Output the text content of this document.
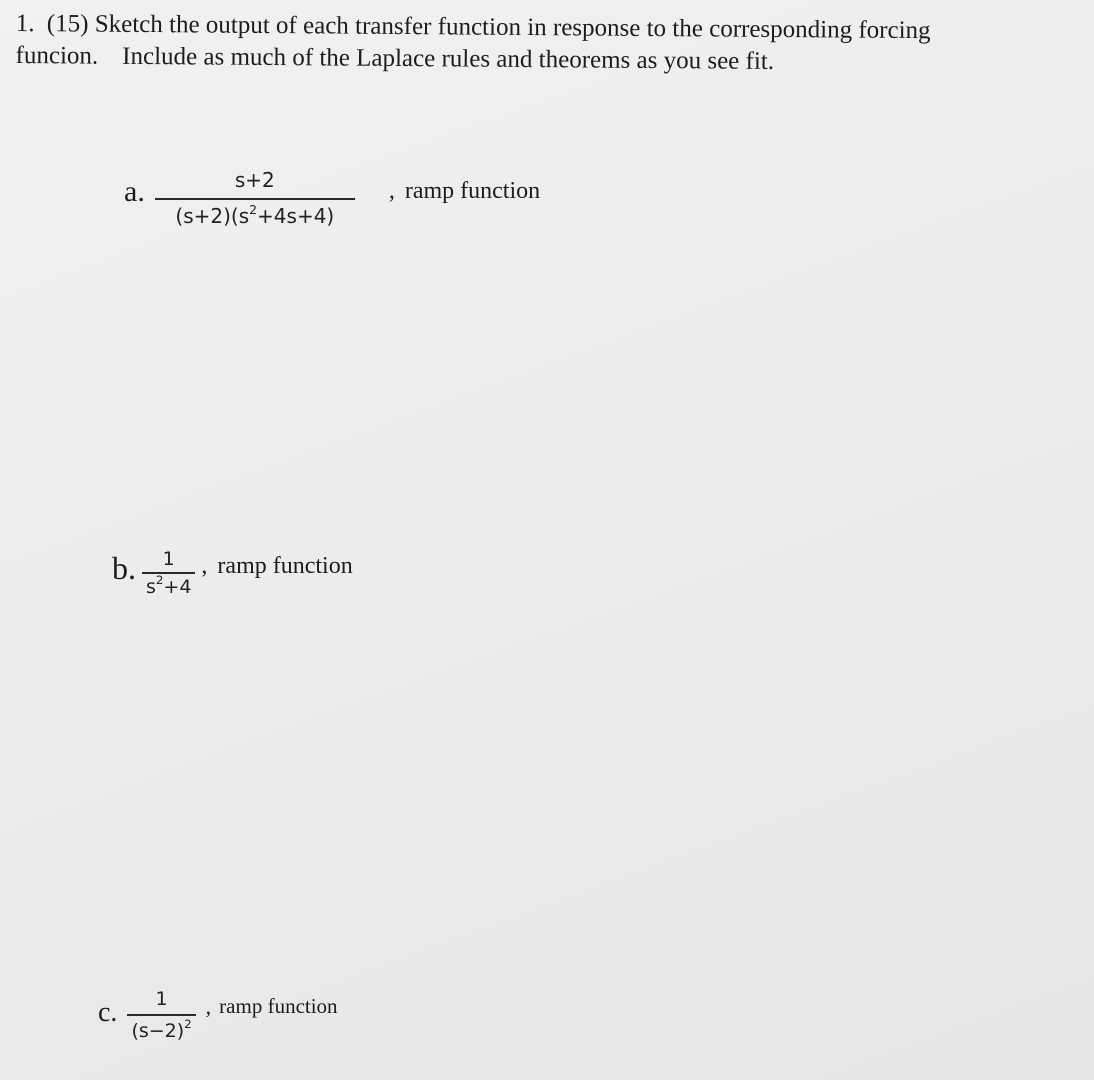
1. (15) Sketch the output of each transfer function in response to the corresponding forcing
funcion. Include as much of the Laplace rules and theorems as you see fit.
a. $\frac{s+2}{(s+2)(s^2+4s+4)}$ , ramp function
b. $\frac{1}{s^2+4}$ , ramp function
c. $\frac{1}{(s-2)^2}$ , ramp function
